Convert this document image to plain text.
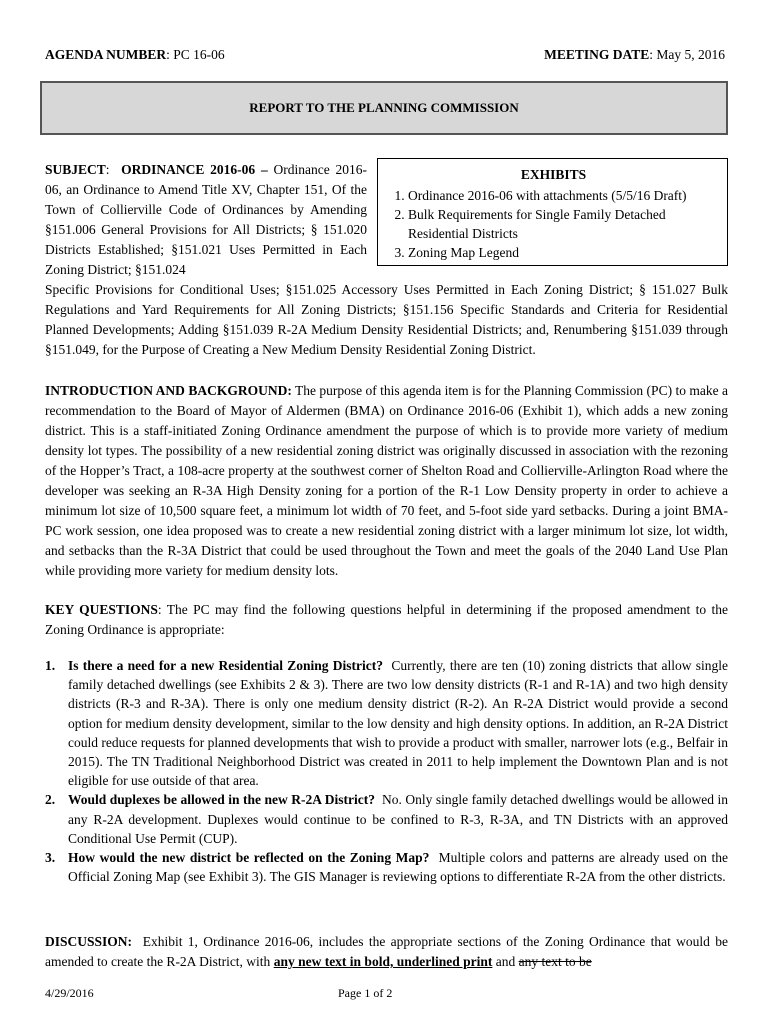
AGENDA NUMBER: PC 16-06	MEETING DATE: May 5, 2016
REPORT TO THE PLANNING COMMISSION
EXHIBITS
1. Ordinance 2016-06 with attachments (5/5/16 Draft)
2. Bulk Requirements for Single Family Detached Residential Districts
3. Zoning Map Legend
SUBJECT:  ORDINANCE 2016-06 – Ordinance 2016-06, an Ordinance to Amend Title XV, Chapter 151, Of the Town of Collierville Code of Ordinances by Amending §151.006 General Provisions for All Districts; § 151.020 Districts Established; §151.021 Uses Permitted in Each Zoning District; §151.024
Specific Provisions for Conditional Uses; §151.025 Accessory Uses Permitted in Each Zoning District; § 151.027 Bulk Regulations and Yard Requirements for All Zoning Districts; §151.156 Specific Standards and Criteria for Residential Planned Developments; Adding §151.039 R-2A Medium Density Residential Districts; and, Renumbering §151.039 through §151.049, for the Purpose of Creating a New Medium Density Residential Zoning District.
INTRODUCTION AND BACKGROUND: The purpose of this agenda item is for the Planning Commission (PC) to make a recommendation to the Board of Mayor of Aldermen (BMA) on Ordinance 2016-06 (Exhibit 1), which adds a new zoning district. This is a staff-initiated Zoning Ordinance amendment the purpose of which is to provide more variety of medium density lot types. The possibility of a new residential zoning district was originally discussed in association with the rezoning of the Hopper’s Tract, a 108-acre property at the southwest corner of Shelton Road and Collierville-Arlington Road where the developer was seeking an R-3A High Density zoning for a portion of the R-1 Low Density property in order to achieve a minimum lot size of 10,500 square feet, a minimum lot width of 70 feet, and 5-foot side yard setbacks. During a joint BMA-PC work session, one idea proposed was to create a new residential zoning district with a larger minimum lot size, lot width, and setbacks than the R-3A District that could be used throughout the Town and meet the goals of the 2040 Land Use Plan while providing more variety for medium density lots.
KEY QUESTIONS: The PC may find the following questions helpful in determining if the proposed amendment to the Zoning Ordinance is appropriate:
1. Is there a need for a new Residential Zoning District? Currently, there are ten (10) zoning districts that allow single family detached dwellings (see Exhibits 2 & 3). There are two low density districts (R-1 and R-1A) and two high density districts (R-3 and R-3A). There is only one medium density district (R-2). An R-2A District would provide a second option for medium density development, similar to the low density and high density options. In addition, an R-2A District could reduce requests for planned developments that wish to provide a product with smaller, narrower lots (e.g., Belfair in 2015). The TN Traditional Neighborhood District was created in 2011 to help implement the Downtown Plan and is not eligible for use outside of that area.
2. Would duplexes be allowed in the new R-2A District? No. Only single family detached dwellings would be allowed in any R-2A development. Duplexes would continue to be confined to R-3, R-3A, and TN Districts with an approved Conditional Use Permit (CUP).
3. How would the new district be reflected on the Zoning Map? Multiple colors and patterns are already used on the Official Zoning Map (see Exhibit 3). The GIS Manager is reviewing options to differentiate R-2A from the other districts.
DISCUSSION: Exhibit 1, Ordinance 2016-06, includes the appropriate sections of the Zoning Ordinance that would be amended to create the R-2A District, with any new text in bold, underlined print and any text to be
4/29/2016	Page 1 of 2
